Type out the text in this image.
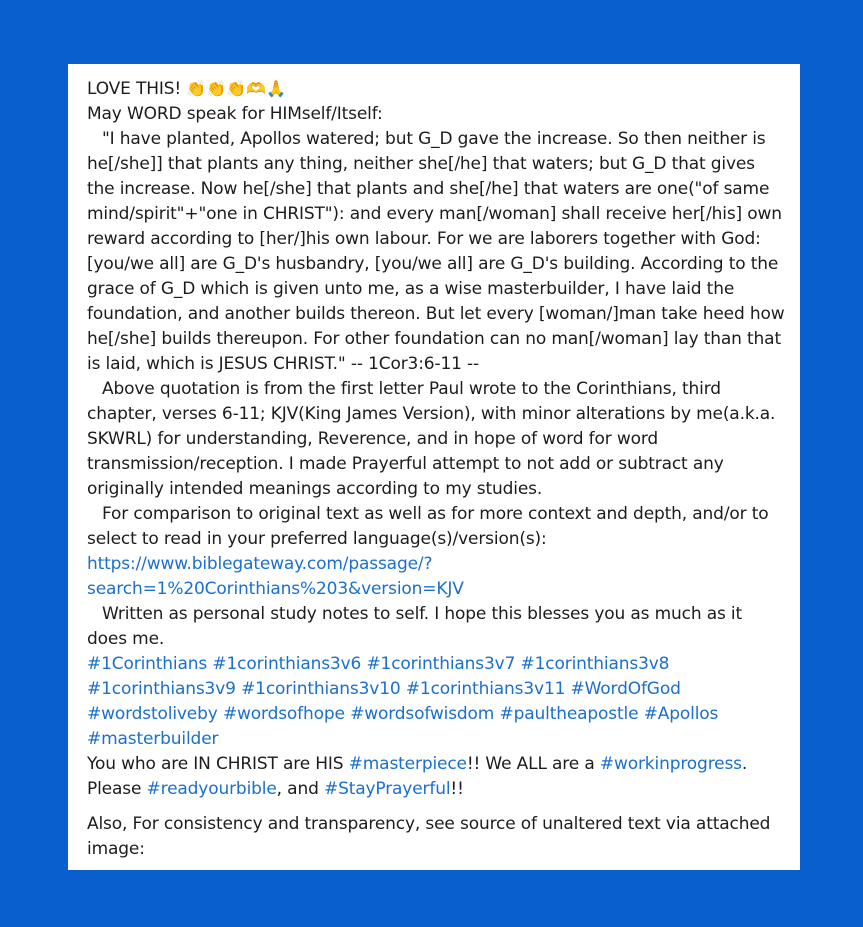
LOVE THIS! 👏👏👏🫶🙏
May WORD speak for HIMself/Itself:
"I have planted, Apollos watered; but G_D gave the increase. So then neither is he[/she]] that plants any thing, neither she[/he] that waters; but G_D that gives the increase. Now he[/she] that plants and she[/he] that waters are one("of same mind/spirit"+"one in CHRIST"): and every man[/woman] shall receive her[/his] own reward according to [her/]his own labour. For we are laborers together with God: [you/we all] are G_D's husbandry, [you/we all] are G_D's building. According to the grace of G_D which is given unto me, as a wise masterbuilder, I have laid the foundation, and another builds thereon. But let every [woman/]man take heed how he[/she] builds thereupon. For other foundation can no man[/woman] lay than that is laid, which is JESUS CHRIST." -- 1Cor3:6-11 --
Above quotation is from the first letter Paul wrote to the Corinthians, third chapter, verses 6-11; KJV(King James Version), with minor alterations by me(a.k.a. SKWRL) for understanding, Reverence, and in hope of word for word transmission/reception. I made Prayerful attempt to not add or subtract any originally intended meanings according to my studies.
For comparison to original text as well as for more context and depth, and/or to select to read in your preferred language(s)/version(s):
https://www.biblegateway.com/passage/?
search=1%20Corinthians%203&version=KJV
Written as personal study notes to self. I hope this blesses you as much as it does me.
#1Corinthians #1corinthians3v6 #1corinthians3v7 #1corinthians3v8 #1corinthians3v9 #1corinthians3v10 #1corinthians3v11 #WordOfGod #wordstoliveby #wordsofhope #wordsofwisdom #paultheapostle #Apollos #masterbuilder
You who are IN CHRIST are HIS #masterpiece!! We ALL are a #workinprogress. Please #readyourbible, and #StayPrayerful!!
Also, For consistency and transparency, see source of unaltered text via attached image:
